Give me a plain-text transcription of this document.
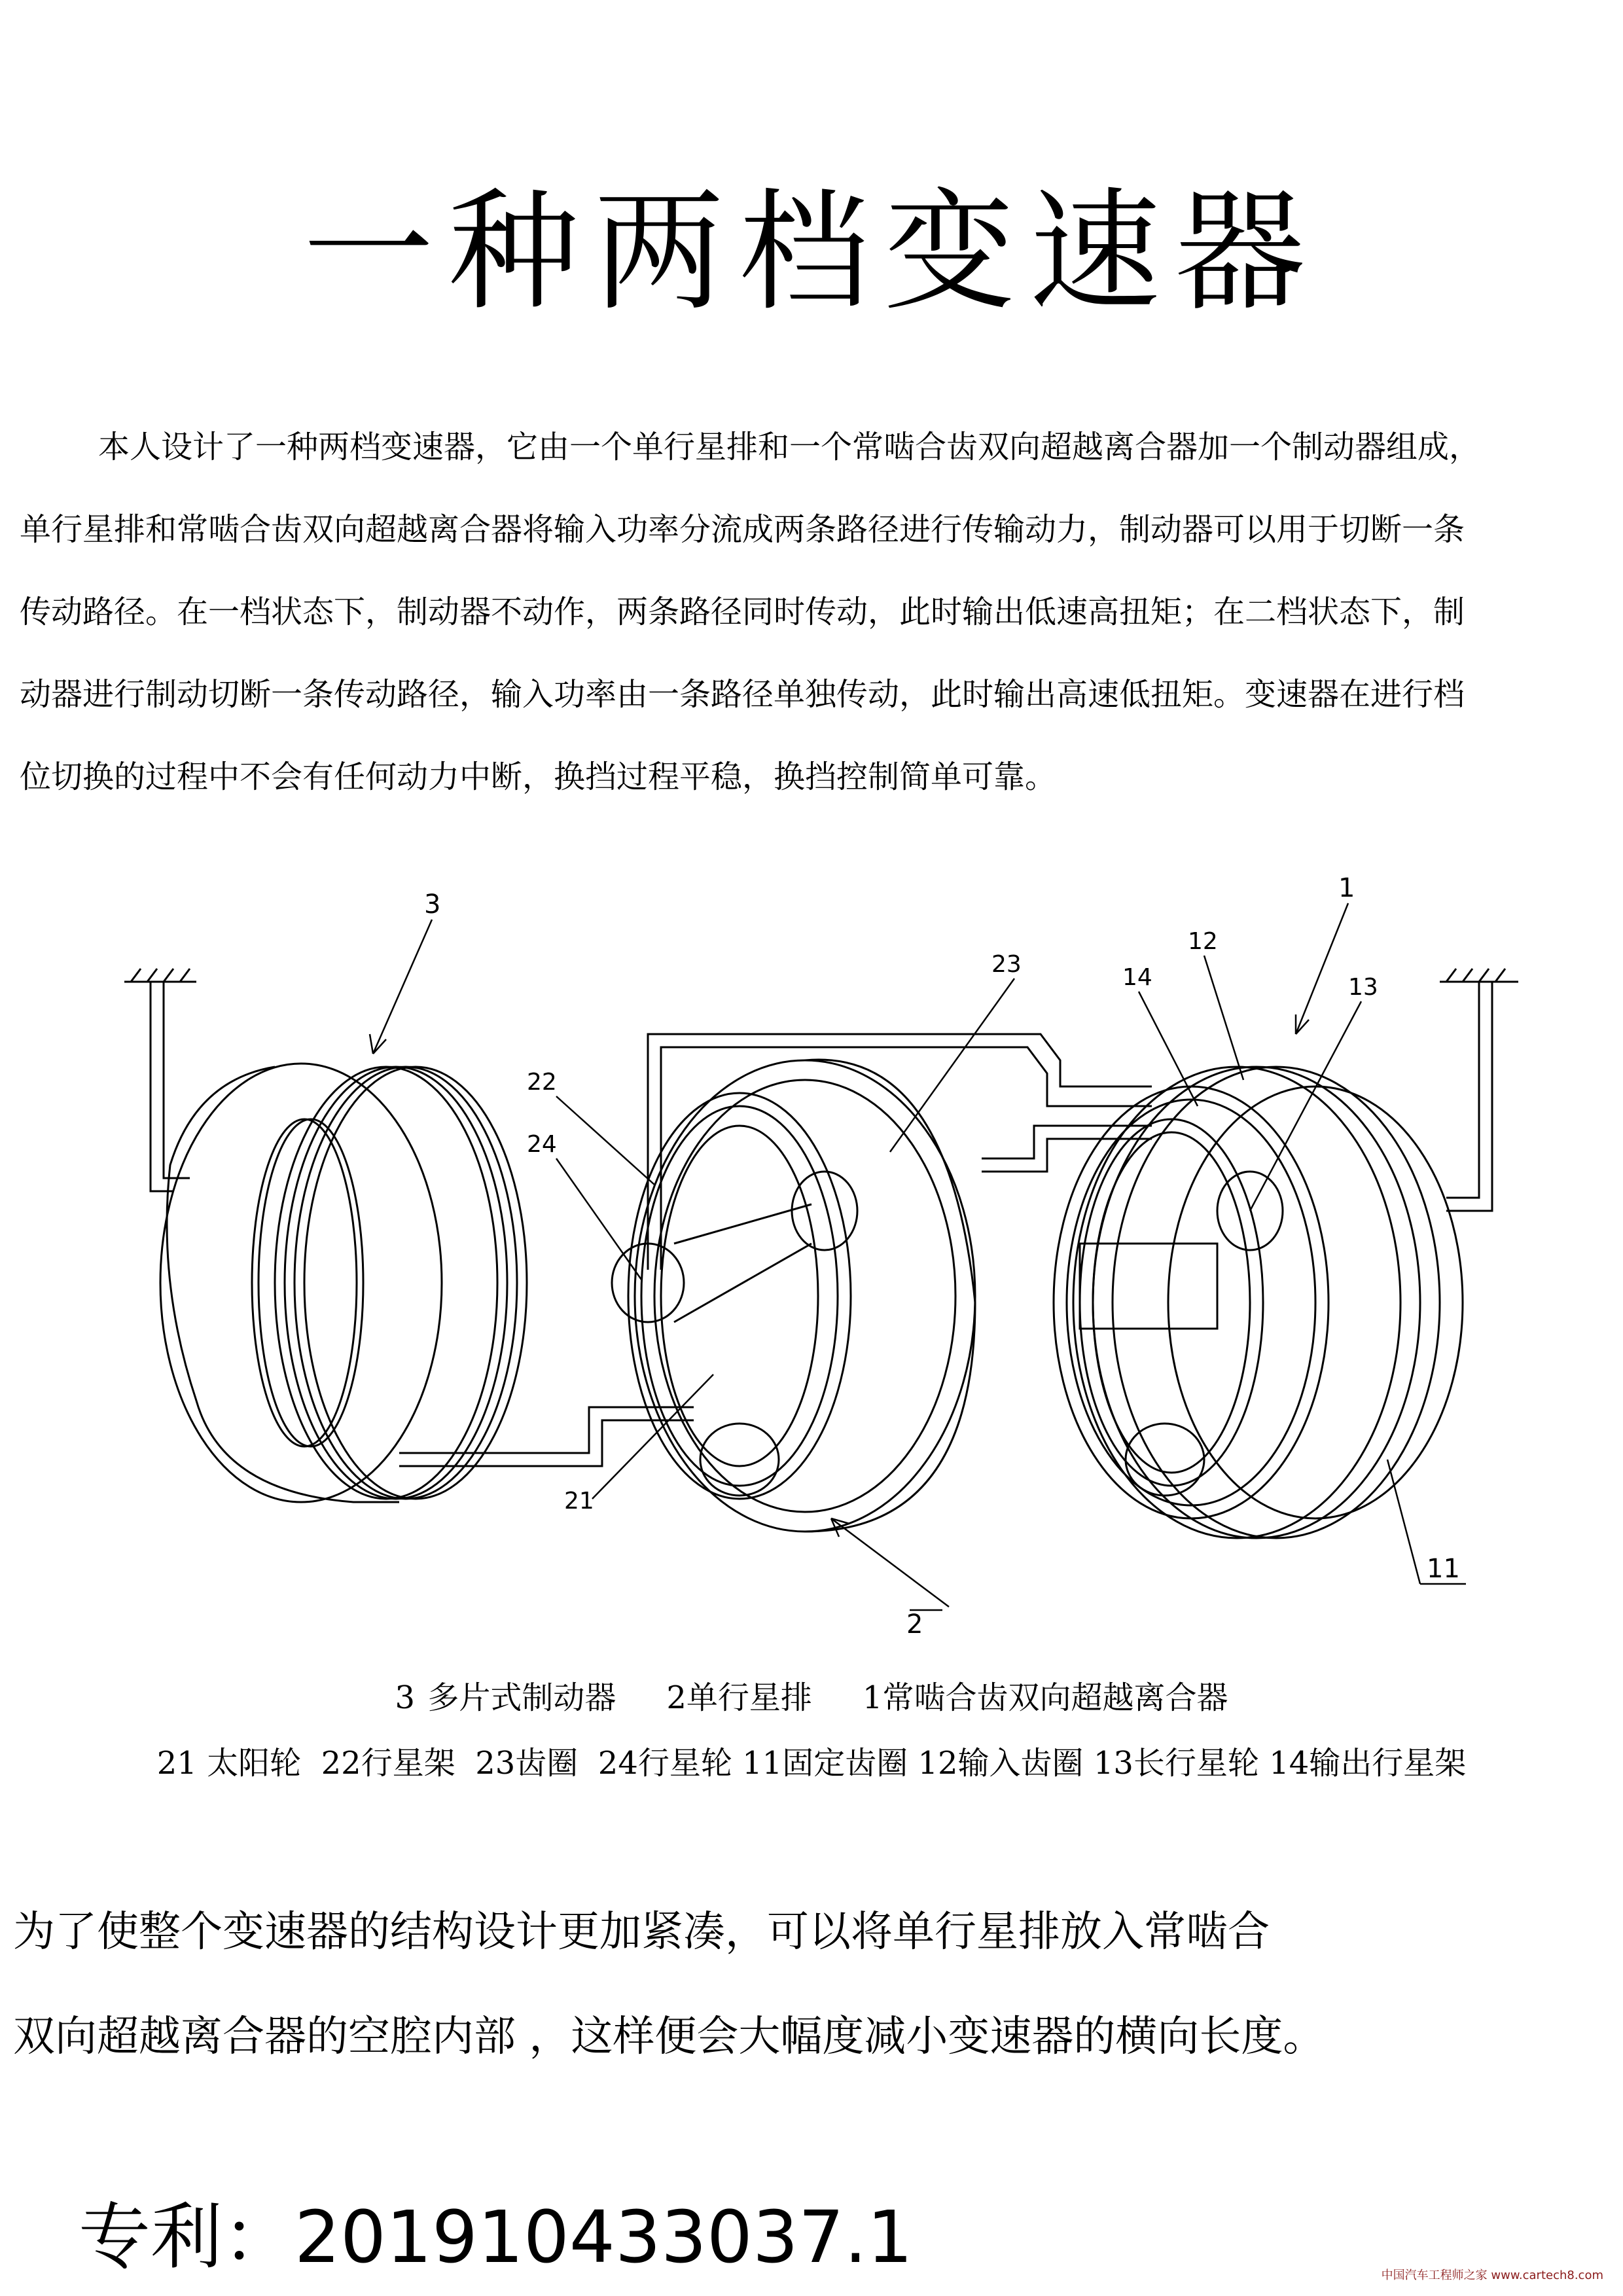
一种两档变速器
本人设计了一种两档变速器，它由一个单行星排和一个常啮合齿双向超越离合器加一个制动器组成，
单行星排和常啮合齿双向超越离合器将输入功率分流成两条路径进行传输动力，制动器可以用于切断一条
传动路径。在一档状态下，制动器不动作，两条路径同时传动，此时输出低速高扭矩；在二档状态下，制
动器进行制动切断一条传动路径，输入功率由一条路径单独传动，此时输出高速低扭矩。变速器在进行档
位切换的过程中不会有任何动力中断，换挡过程平稳，换挡控制简单可靠。
3
1
12
13
14
23
22
24
21
2
11
3 多片式制动器    2单行星排    1常啮合齿双向超越离合器
21 太阳轮  22行星架  23齿圈  24行星轮 11固定齿圈 12输入齿圈 13长行星轮 14输出行星架
为了使整个变速器的结构设计更加紧凑，可以将单行星排放入常啮合
双向超越离合器的空腔内部 ，这样便会大幅度减小变速器的横向长度。
专利：201910433037.1	中国汽车工程师之家 www.cartech8.com
